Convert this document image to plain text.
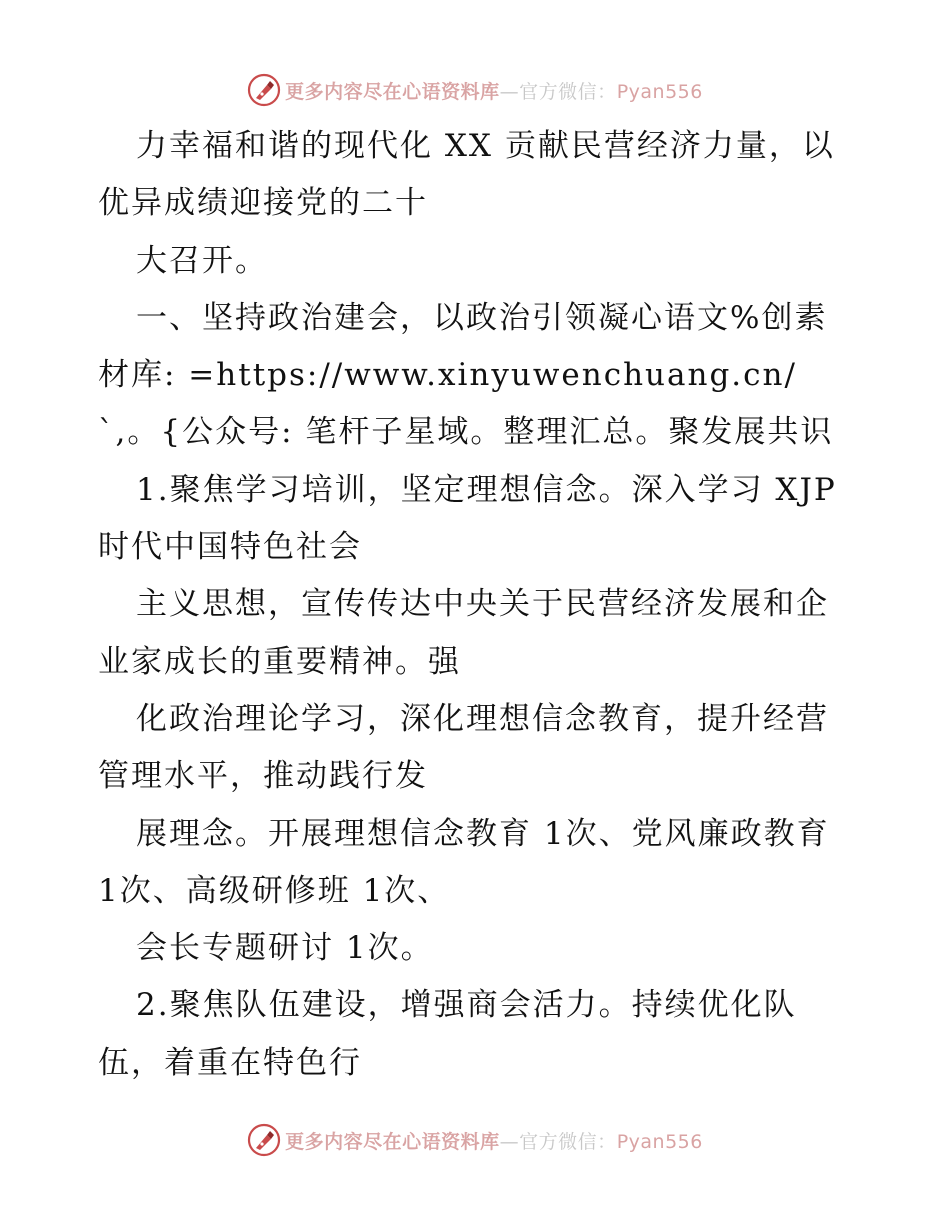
更多内容尽在心语资料库—官方微信：Pyan556

力幸福和谐的现代化 XX 贡献民营经济力量，以优异成绩迎接党的二十

大召开。

一、坚持政治建会，以政治引领凝心语文%创素材库: =https://www.xinyuwenchuang.cn/`,。{公众号: 笔杆子星域。整理汇总。聚发展共识

1.聚焦学习培训，坚定理想信念。深入学习 XJP 时代中国特色社会

主义思想，宣传传达中央关于民营经济发展和企业家成长的重要精神。强

化政治理论学习，深化理想信念教育，提升经营管理水平，推动践行发

展理念。开展理想信念教育 1次、党风廉政教育 1次、高级研修班 1次、

会长专题研讨 1次。

2.聚焦队伍建设，增强商会活力。持续优化队伍，着重在特色行

更多内容尽在心语资料库—官方微信：Pyan556
